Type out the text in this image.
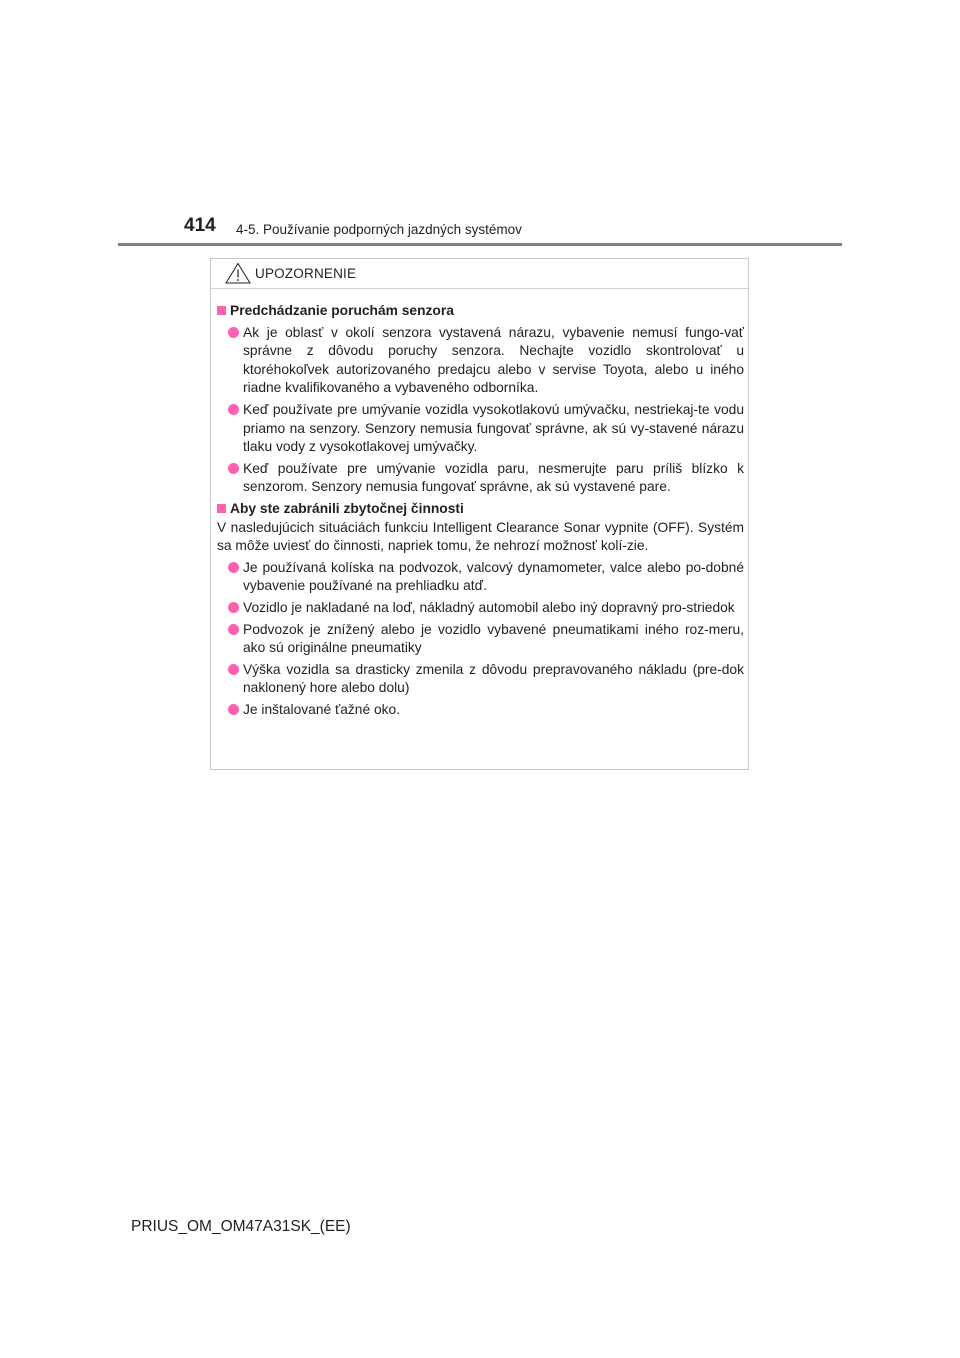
414 4-5. Používanie podporných jazdných systémov
UPOZORNENIE
Predchádzanie poruchám senzora
Ak je oblasť v okolí senzora vystavená nárazu, vybavenie nemusí fungo-vať správne z dôvodu poruchy senzora. Nechajte vozidlo skontrolovať u ktoréhokoľvek autorizovaného predajcu alebo v servise Toyota, alebo u iného riadne kvalifikovaného a vybaveného odborníka.
Keď používate pre umývanie vozidla vysokotlakovú umývačku, nestriekaj-te vodu priamo na senzory. Senzory nemusia fungovať správne, ak sú vy-stavené nárazu tlaku vody z vysokotlakovej umývačky.
Keď používate pre umývanie vozidla paru, nesmerujte paru príliš blízko k senzorom. Senzory nemusia fungovať správne, ak sú vystavené pare.
Aby ste zabránili zbytočnej činnosti
V nasledujúcich situáciách funkciu Intelligent Clearance Sonar vypnite (OFF). Systém sa môže uviesť do činnosti, napriek tomu, že nehrozí možnosť kolí-zie.
Je používaná kolíska na podvozok, valcový dynamometer, valce alebo po-dobné vybavenie používané na prehliadku atď.
Vozidlo je nakladané na loď, nákladný automobil alebo iný dopravný pro-striedok
Podvozok je znížený alebo je vozidlo vybavené pneumatikami iného roz-meru, ako sú originálne pneumatiky
Výška vozidla sa drasticky zmenila z dôvodu prepravovaného nákladu (pre-dok naklonený hore alebo dolu)
Je inštalované ťažné oko.
PRIUS_OM_OM47A31SK_(EE)
